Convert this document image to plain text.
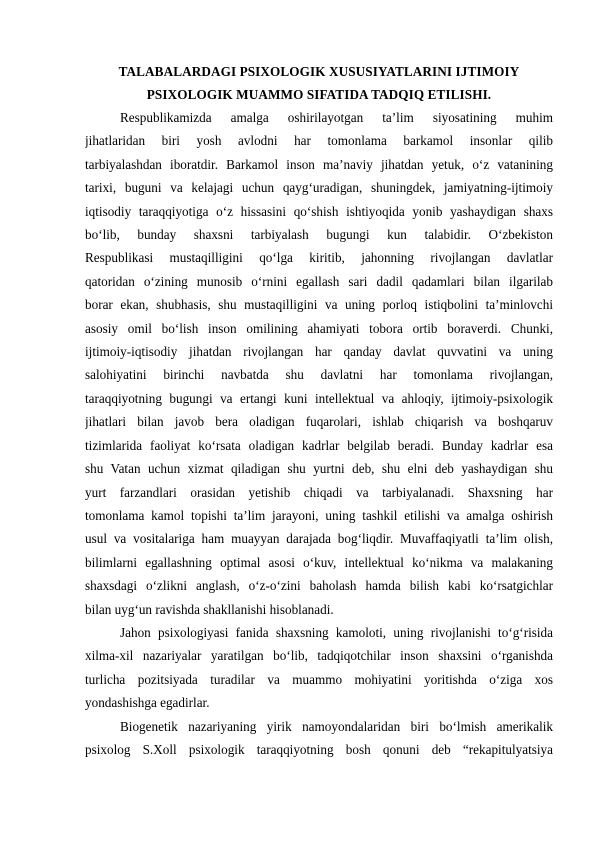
TALABALARDAGI PSIXOLOGIK XUSUSIYATLARINI IJTIMOIY
PSIXOLOGIK MUAMMO SIFATIDA TADQIQ ETILISHI.

Respublikamizda amalga oshirilayotgan ta’lim siyosatining muhim
jihatlaridan biri yosh avlodni har tomonlama barkamol insonlar qilib
tarbiyalashdan iboratdir. Barkamol inson ma’naviy jihatdan yetuk, o‘z vatanining
tarixi, buguni va kelajagi uchun qayg‘uradigan, shuningdek, jamiyatning-ijtimoiy
iqtisodiy taraqqiyotiga o‘z hissasini qo‘shish ishtiyoqida yonib yashaydigan shaxs
bo‘lib, bunday shaxsni tarbiyalash bugungi kun talabidir. O‘zbekiston
Respublikasi mustaqilligini qo‘lga kiritib, jahonning rivojlangan davlatlar
qatoridan o‘zining munosib o‘rnini egallash sari dadil qadamlari bilan ilgarilab
borar ekan, shubhasis, shu mustaqilligini va uning porloq istiqbolini ta’minlovchi
asosiy omil bo‘lish inson omilining ahamiyati tobora ortib boraverdi. Chunki,
ijtimoiy-iqtisodiy jihatdan rivojlangan har qanday davlat quvvatini va uning
salohiyatini birinchi navbatda shu davlatni har tomonlama rivojlangan,
taraqqiyotning bugungi va ertangi kuni intellektual va ahloqiy, ijtimoiy-psixologik
jihatlari bilan javob bera oladigan fuqarolari, ishlab chiqarish va boshqaruv
tizimlarida faoliyat ko‘rsata oladigan kadrlar belgilab beradi. Bunday kadrlar esa
shu Vatan uchun xizmat qiladigan shu yurtni deb, shu elni deb yashaydigan shu
yurt farzandlari orasidan yetishib chiqadi va tarbiyalanadi. Shaxsning har
tomonlama kamol topishi ta’lim jarayoni, uning tashkil etilishi va amalga oshirish
usul va vositalariga ham muayyan darajada bog‘liqdir. Muvaffaqiyatli ta’lim olish,
bilimlarni egallashning optimal asosi o‘kuv, intellektual ko‘nikma va malakaning
shaxsdagi o‘zlikni anglash, o‘z-o‘zini baholash hamda bilish kabi ko‘rsatgichlar
bilan uyg‘un ravishda shakllanishi hisoblanadi.

Jahon psixologiyasi fanida shaxsning kamoloti, uning rivojlanishi to‘g‘risida
xilma-xil nazariyalar yaratilgan bo‘lib, tadqiqotchilar inson shaxsini o‘rganishda
turlicha pozitsiyada turadilar va muammo mohiyatini yoritishda o‘ziga xos
yondashishga egadirlar.

Biogenetik nazariyaning yirik namoyondalaridan biri bo‘lmish amerikalik
psixolog S.Xoll psixologik taraqqiyotning bosh qonuni deb “rekapitulyatsiya
